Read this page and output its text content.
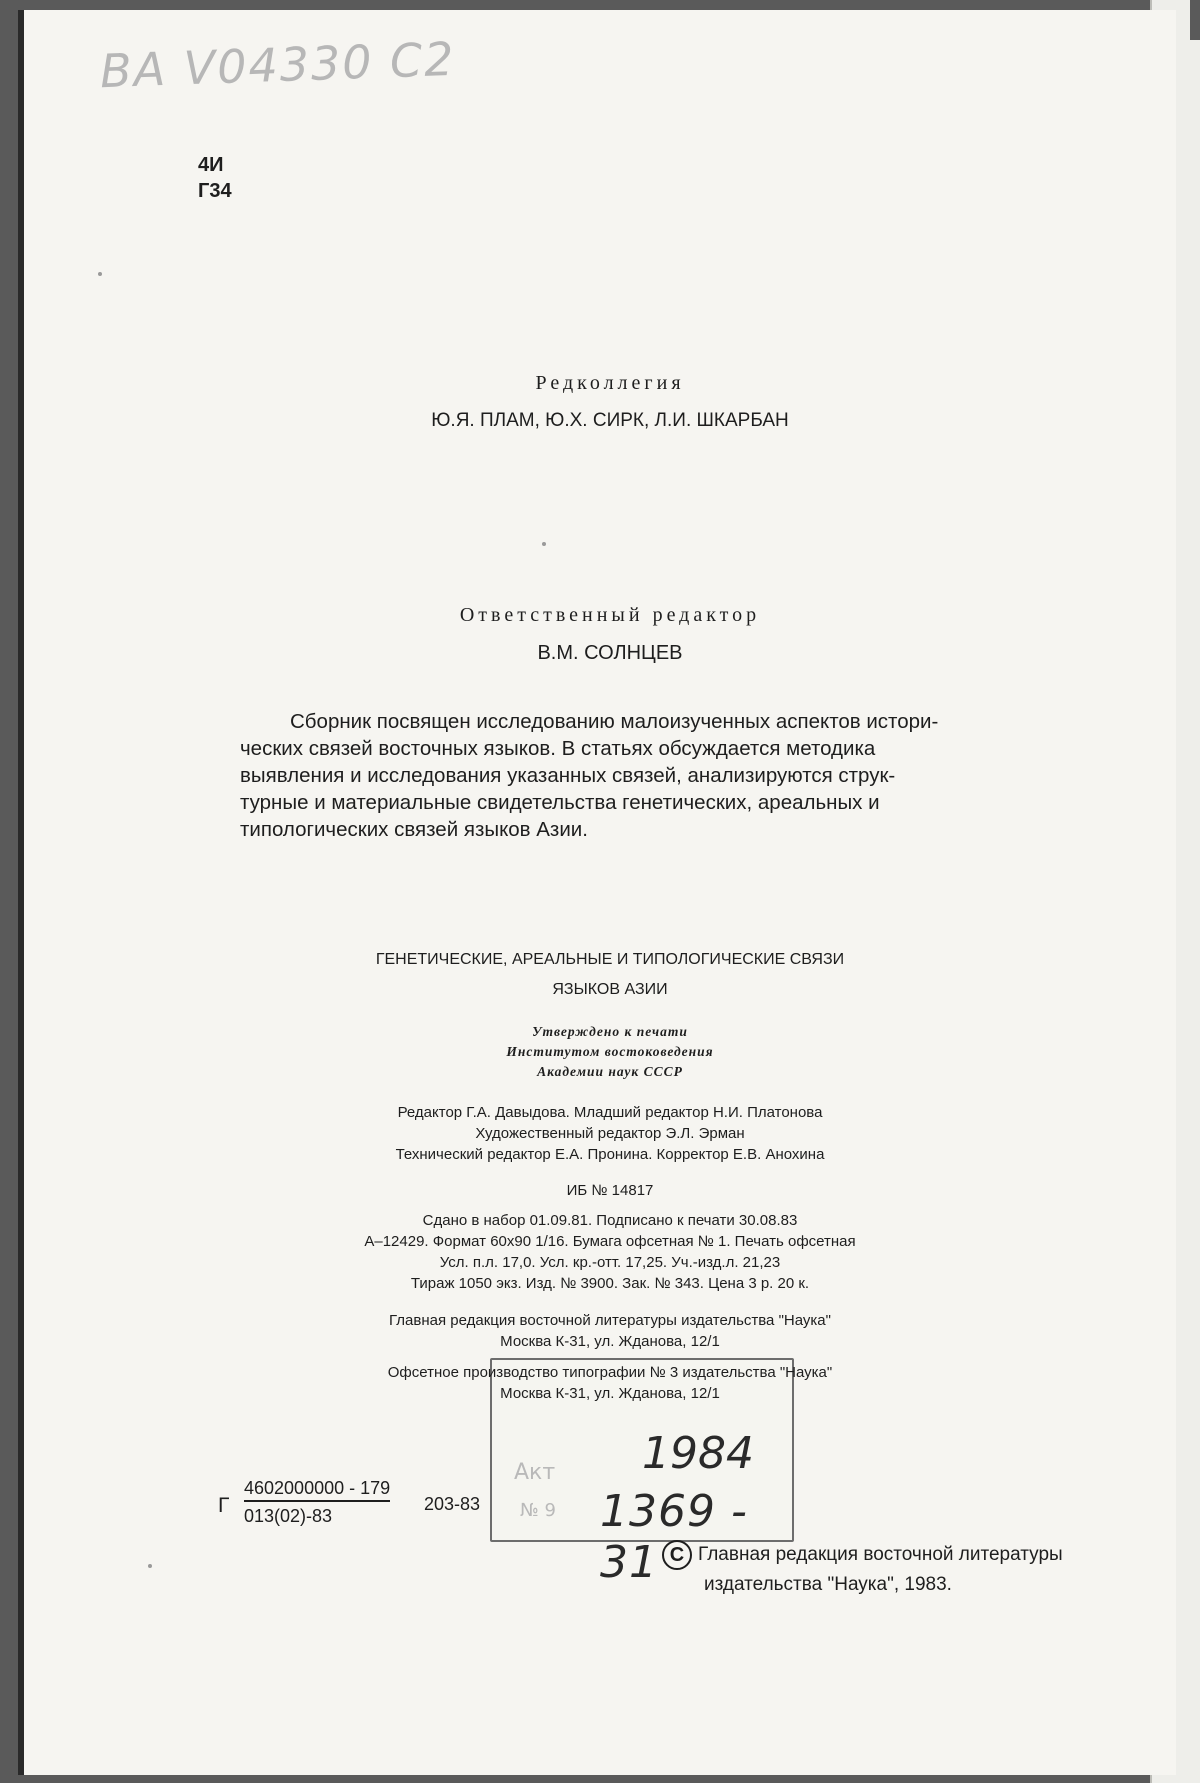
BA V04330 C2
4И
Г34
Редколлегия
Ю.Я. ПЛАМ, Ю.Х. СИРК, Л.И. ШКАРБАН
Ответственный редактор
В.М. СОЛНЦЕВ
Сборник посвящен исследованию малоизученных аспектов истори-
ческих связей восточных языков. В статьях обсуждается методика
выявления и исследования указанных связей, анализируются струк-
турные и материальные свидетельства генетических, ареальных и
типологических связей языков Азии.
ГЕНЕТИЧЕСКИЕ, АРЕАЛЬНЫЕ И ТИПОЛОГИЧЕСКИЕ СВЯЗИ
ЯЗЫКОВ АЗИИ
Утверждено к печати
Институтом востоковедения
Академии наук СССР
Редактор Г.А. Давыдова. Младший редактор Н.И. Платонова
Художественный редактор Э.Л. Эрман
Технический редактор Е.А. Пронина. Корректор Е.В. Анохина
ИБ № 14817
Сдано в набор 01.09.81. Подписано к печати 30.08.83
А–12429. Формат 60х90 1/16. Бумага офсетная № 1. Печать офсетная
Усл. п.л. 17,0. Усл. кр.-отт. 17,25. Уч.-изд.л. 21,23
Тираж 1050 экз. Изд. № 3900. Зак. № 343. Цена 3 р. 20 к.
Главная редакция восточной литературы издательства "Наука"
Москва К-31, ул. Жданова, 12/1
Акт
№ 9
1984
1369 - 31
Офсетное производство типографии № 3 издательства "Наука"
Москва К-31, ул. Жданова, 12/1
Г
4602000000 - 179
013(02)-83
203-83
C Главная редакция восточной литературы
издательства "Наука", 1983.
